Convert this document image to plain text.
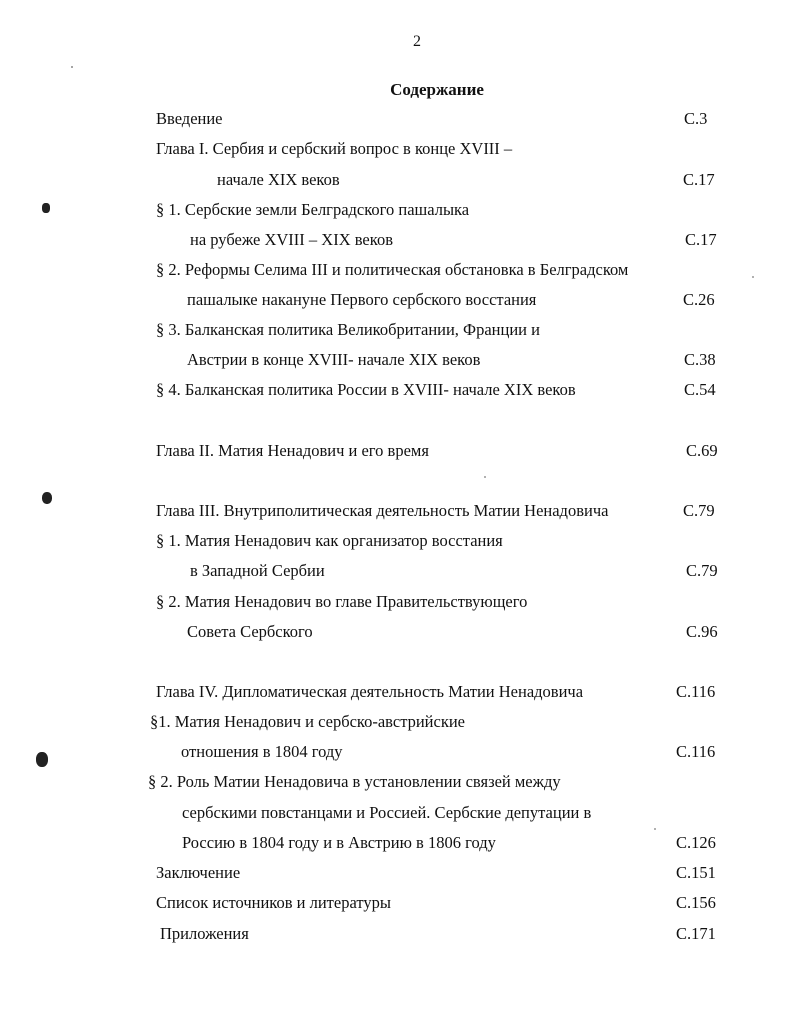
2
Содержание
Введение	С.3
Глава I. Сербия и сербский вопрос в конце XVIII –
начале XIX веков	С.17
§ 1. Сербские земли Белградского пашалыка
на рубеже XVIII – XIX веков	С.17
§ 2. Реформы Селима III и политическая обстановка в Белградском
пашалыке накануне Первого сербского восстания	С.26
§ 3. Балканская политика Великобритании, Франции и
Австрии в конце XVIII- начале XIX веков	С.38
§ 4. Балканская политика России в XVIII- начале XIX веков	С.54
Глава II. Матия Ненадович и его время	С.69
Глава III. Внутриполитическая деятельность Матии Ненадовича	С.79
§ 1. Матия Ненадович как организатор восстания
в Западной Сербии	С.79
§ 2. Матия Ненадович во главе Правительствующего
Совета Сербского	С.96
Глава IV. Дипломатическая деятельность Матии Ненадовича	С.116
§1. Матия Ненадович и сербско-австрийские
отношения в 1804 году	С.116
§ 2. Роль Матии Ненадовича в установлении связей между
сербскими повстанцами и Россией. Сербские депутации в
Россию в 1804 году и в Австрию в 1806 году	С.126
Заключение	С.151
Список источников и литературы	С.156
Приложения	С.171
